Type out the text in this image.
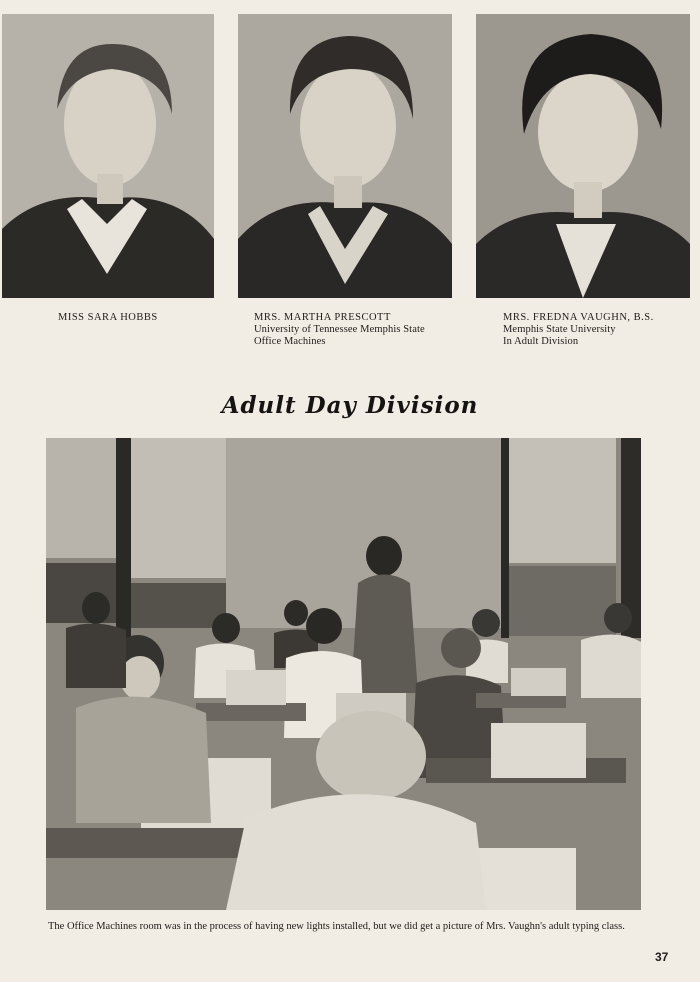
MISS SARA HOBBS	MRS. MARTHA PRESCOTT
University of Tennessee Memphis State
Office Machines
MRS. FREDNA VAUGHN, B.S.
Memphis State University
In Adult Division
Adult Day Division
The Office Machines room was in the process of having new lights installed, but we did get a picture of Mrs. Vaughn's adult typing class.
37
